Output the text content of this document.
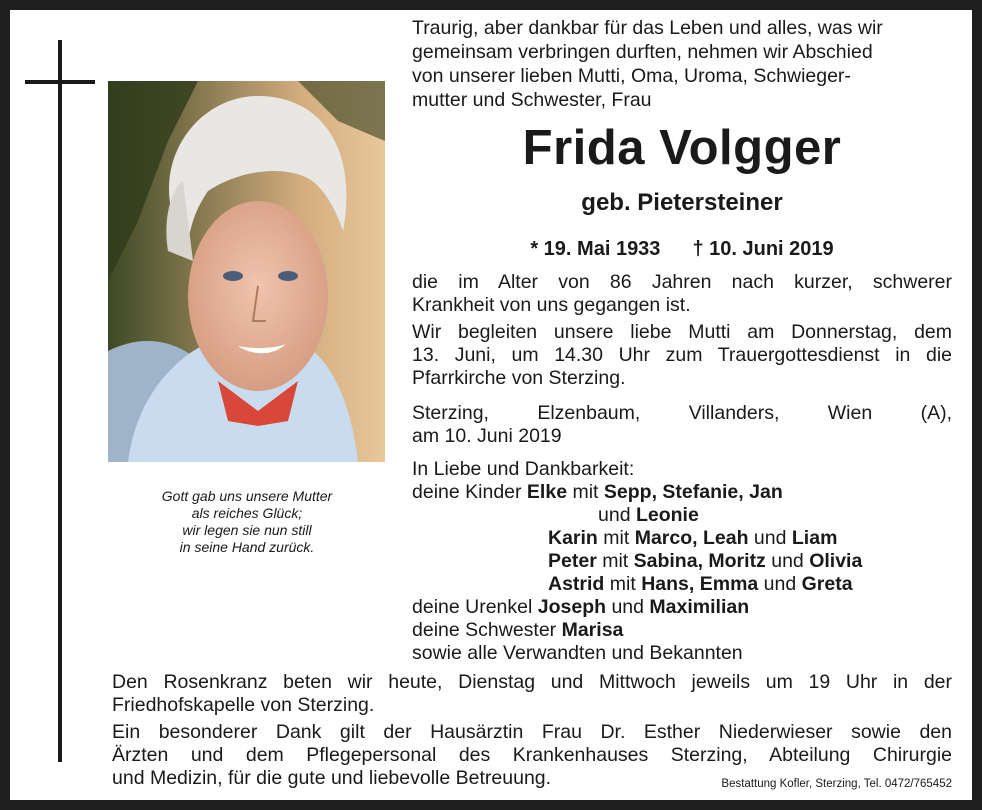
Gott gab uns unsere Mutter
als reiches Glück;
wir legen sie nun still
in seine Hand zurück.
Traurig, aber dankbar für das Leben und alles, was wir
gemeinsam verbringen durften, nehmen wir Abschied
von unserer lieben Mutti, Oma, Uroma, Schwieger-
mutter und Schwester, Frau
Frida Volgger
geb. Pietersteiner
* 19. Mai 1933 † 10. Juni 2019
die im Alter von 86 Jahren nach kurzer, schwerer
Krankheit von uns gegangen ist.
Wir begleiten unsere liebe Mutti am Donnerstag, dem
13. Juni, um 14.30 Uhr zum Trauergottesdienst in die
Pfarrkirche von Sterzing.
Sterzing, Elzenbaum, Villanders, Wien (A),
am 10. Juni 2019
In Liebe und Dankbarkeit:
deine Kinder Elke mit Sepp, Stefanie, Jan
und Leonie
Karin mit Marco, Leah und Liam
Peter mit Sabina, Moritz und Olivia
Astrid mit Hans, Emma und Greta
deine Urenkel Joseph und Maximilian
deine Schwester Marisa
sowie alle Verwandten und Bekannten
Den Rosenkranz beten wir heute, Dienstag und Mittwoch jeweils um 19 Uhr in der
Friedhofskapelle von Sterzing.
Ein besonderer Dank gilt der Hausärztin Frau Dr. Esther Niederwieser sowie den
Ärzten und dem Pflegepersonal des Krankenhauses Sterzing, Abteilung Chirurgie
und Medizin, für die gute und liebevolle Betreuung.	Bestattung Kofler, Sterzing, Tel. 0472/765452
